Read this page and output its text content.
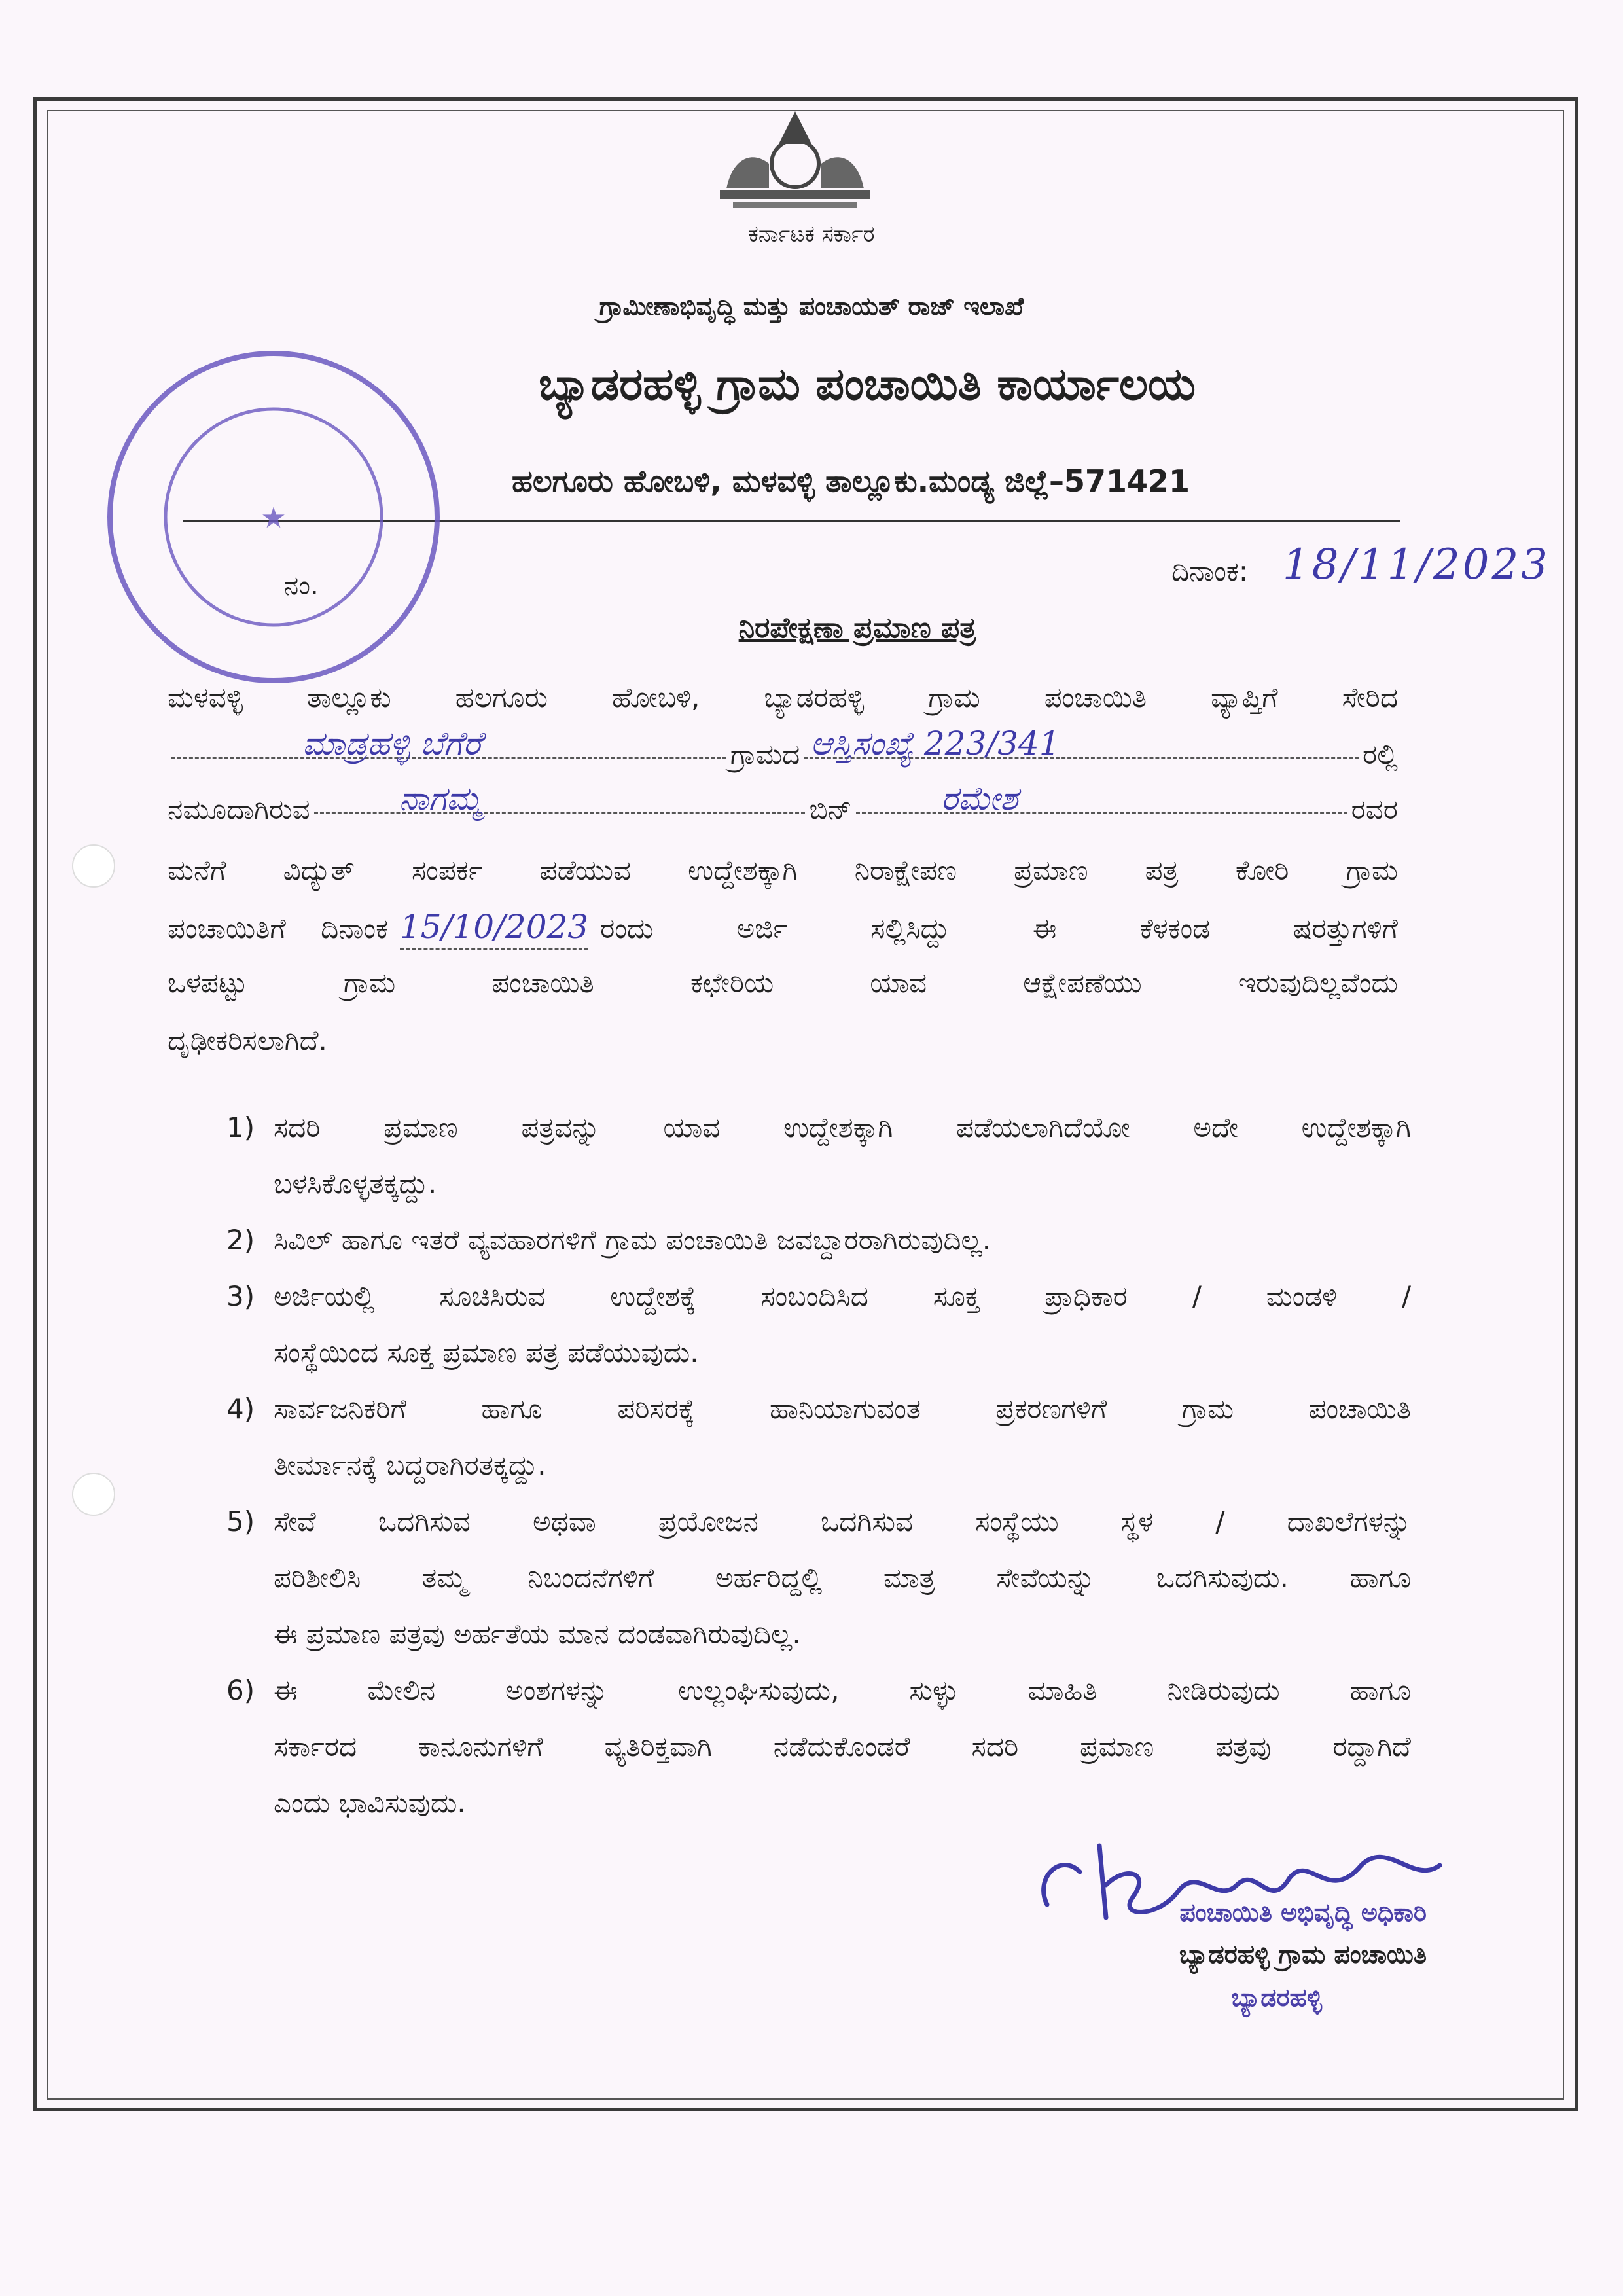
ಕರ್ನಾಟಕ ಸರ್ಕಾರ
ಗ್ರಾಮೀಣಾಭಿವೃದ್ಧಿ ಮತ್ತು ಪಂಚಾಯತ್ ರಾಜ್ ಇಲಾಖೆ
ಬ್ಯಾಡರಹಳ್ಳಿ ಗ್ರಾಮ ಪಂಚಾಯಿತಿ ಕಾರ್ಯಾಲಯ
ಹಲಗೂರು ಹೋಬಳಿ, ಮಳವಳ್ಳಿ ತಾಲ್ಲೂಕು.ಮಂಡ್ಯ ಜಿಲ್ಲೆ–571421
ನಂ.	ದಿನಾಂಕ: 18/11/2023
ನಿರಪೇಕ್ಷಣಾ ಪ್ರಮಾಣ ಪತ್ರ
★
ಮಳವಳ್ಳಿ ತಾಲ್ಲೂಕು ಹಲಗೂರು ಹೋಬಳಿ, ಬ್ಯಾಡರಹಳ್ಳಿ ಗ್ರಾಮ ಪಂಚಾಯಿತಿ ವ್ಯಾಪ್ತಿಗೆ ಸೇರಿದ
ಮಾಡ್ರಹಳ್ಳಿ ಬೆಗೆರೆ	ಗ್ರಾಮದ ಆಸ್ತಿಸಂಖ್ಯೆ 223/341	ರಲ್ಲಿ
ನಮೂದಾಗಿರುವ	ನಾಗಮ್ಮ	ಬಿನ್	ರಮೇಶ	ರವರ
ಮನೆಗೆ ವಿದ್ಯುತ್ ಸಂಪರ್ಕ ಪಡೆಯುವ ಉದ್ದೇಶಕ್ಕಾಗಿ ನಿರಾಕ್ಷೇಪಣ ಪ್ರಮಾಣ ಪತ್ರ ಕೋರಿ ಗ್ರಾಮ
ಪಂಚಾಯಿತಿಗೆ ದಿನಾಂಕ 15/10/2023 ರಂದು ಅರ್ಜಿ ಸಲ್ಲಿಸಿದ್ದು ಈ ಕೆಳಕಂಡ ಷರತ್ತುಗಳಿಗೆ
ಒಳಪಟ್ಟು ಗ್ರಾಮ ಪಂಚಾಯಿತಿ ಕಛೇರಿಯ ಯಾವ ಆಕ್ಷೇಪಣೆಯು ಇರುವುದಿಲ್ಲವೆಂದು
ದೃಢೀಕರಿಸಲಾಗಿದೆ.
1) ಸದರಿ ಪ್ರಮಾಣ ಪತ್ರವನ್ನು ಯಾವ ಉದ್ದೇಶಕ್ಕಾಗಿ ಪಡೆಯಲಾಗಿದೆಯೋ ಅದೇ ಉದ್ದೇಶಕ್ಕಾಗಿ
ಬಳಸಿಕೊಳ್ಳತಕ್ಕದ್ದು.
2) ಸಿವಿಲ್ ಹಾಗೂ ಇತರೆ ವ್ಯವಹಾರಗಳಿಗೆ ಗ್ರಾಮ ಪಂಚಾಯಿತಿ ಜವಬ್ದಾರರಾಗಿರುವುದಿಲ್ಲ.
3) ಅರ್ಜಿಯಲ್ಲಿ ಸೂಚಿಸಿರುವ ಉದ್ದೇಶಕ್ಕೆ ಸಂಬಂದಿಸಿದ ಸೂಕ್ತ ಪ್ರಾಧಿಕಾರ / ಮಂಡಳಿ /
ಸಂಸ್ಥೆಯಿಂದ ಸೂಕ್ತ ಪ್ರಮಾಣ ಪತ್ರ ಪಡೆಯುವುದು.
4) ಸಾರ್ವಜನಿಕರಿಗೆ ಹಾಗೂ ಪರಿಸರಕ್ಕೆ ಹಾನಿಯಾಗುವಂತ ಪ್ರಕರಣಗಳಿಗೆ ಗ್ರಾಮ ಪಂಚಾಯಿತಿ
ತೀರ್ಮಾನಕ್ಕೆ ಬದ್ದರಾಗಿರತಕ್ಕದ್ದು.
5) ಸೇವೆ ಒದಗಿಸುವ ಅಥವಾ ಪ್ರಯೋಜನ ಒದಗಿಸುವ ಸಂಸ್ಥೆಯು ಸ್ಥಳ / ದಾಖಲೆಗಳನ್ನು
ಪರಿಶೀಲಿಸಿ ತಮ್ಮ ನಿಬಂದನೆಗಳಿಗೆ ಅರ್ಹರಿದ್ದಲ್ಲಿ ಮಾತ್ರ ಸೇವೆಯನ್ನು ಒದಗಿಸುವುದು. ಹಾಗೂ
ಈ ಪ್ರಮಾಣ ಪತ್ರವು ಅರ್ಹತೆಯ ಮಾನ ದಂಡವಾಗಿರುವುದಿಲ್ಲ.
6) ಈ ಮೇಲಿನ ಅಂಶಗಳನ್ನು ಉಲ್ಲಂಘಿಸುವುದು, ಸುಳ್ಳು ಮಾಹಿತಿ ನೀಡಿರುವುದು ಹಾಗೂ
ಸರ್ಕಾರದ ಕಾನೂನುಗಳಿಗೆ ವ್ಯತಿರಿಕ್ತವಾಗಿ ನಡೆದುಕೊಂಡರೆ ಸದರಿ ಪ್ರಮಾಣ ಪತ್ರವು ರದ್ದಾಗಿದೆ
ಎಂದು ಭಾವಿಸುವುದು.
ಪಂಚಾಯಿತಿ ಅಭಿವೃದ್ಧಿ ಅಧಿಕಾರಿ
ಬ್ಯಾಡರಹಳ್ಳಿ ಗ್ರಾಮ ಪಂಚಾಯಿತಿ
ಬ್ಯಾಡರಹಳ್ಳಿ
